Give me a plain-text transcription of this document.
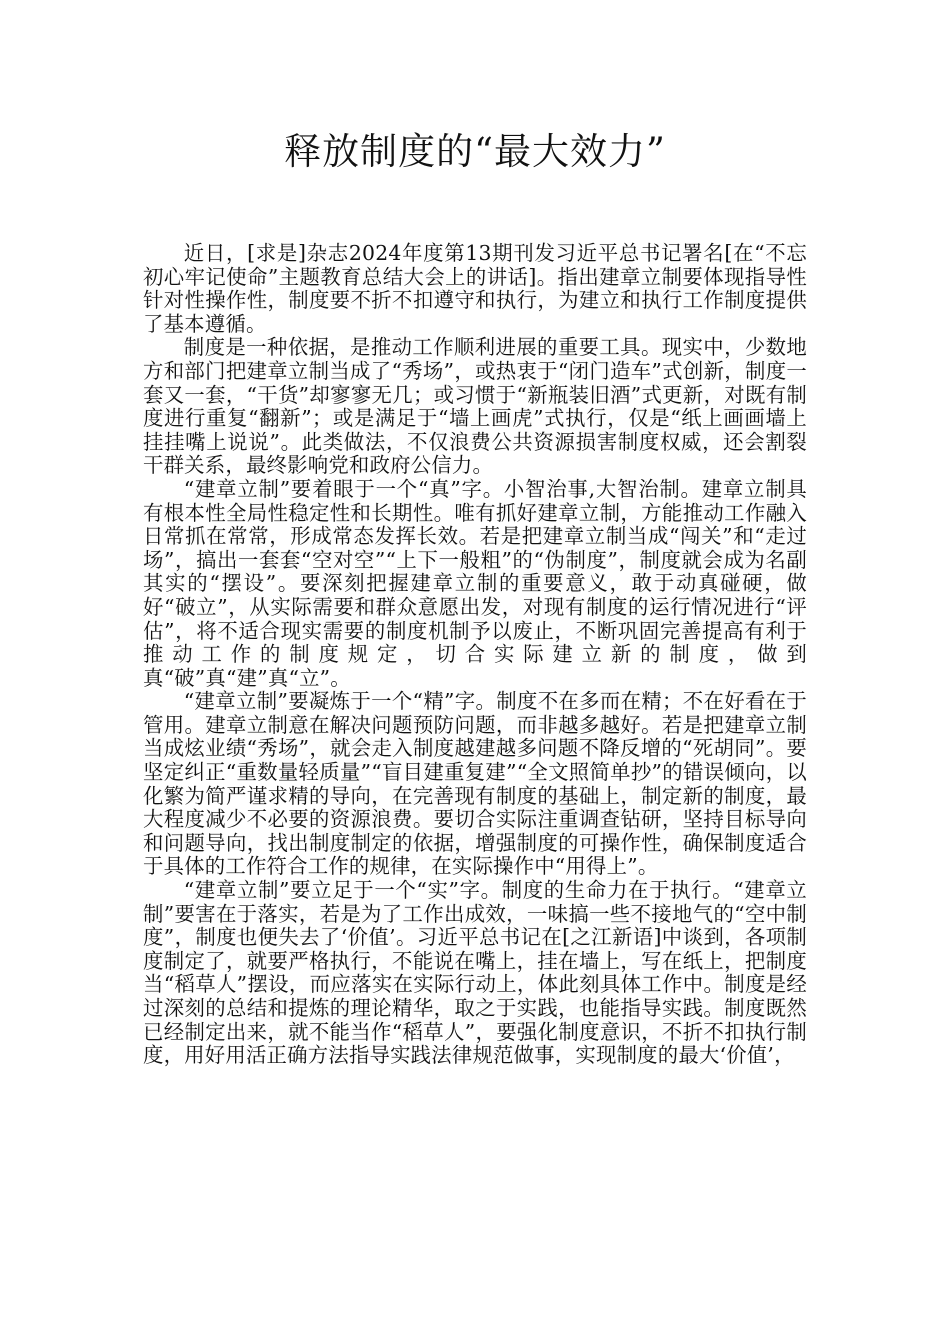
释放制度的“最大效力”

近日，[求是]杂志2024年度第13期刊发习近平总书记署名[在“不忘初心牢记使命”主题教育总结大会上的讲话]。指出建章立制要体现指导性针对性操作性，制度要不折不扣遵守和执行，为建立和执行工作制度提供了基本遵循。

制度是一种依据，是推动工作顺利进展的重要工具。现实中，少数地方和部门把建章立制当成了“秀场”，或热衷于“闭门造车”式创新，制度一套又一套，“干货”却寥寥无几；或习惯于“新瓶装旧酒”式更新，对既有制度进行重复“翻新”；或是满足于“墙上画虎”式执行，仅是“纸上画画墙上挂挂嘴上说说”。此类做法，不仅浪费公共资源损害制度权威，还会割裂干群关系，最终影响党和政府公信力。

“建章立制”要着眼于一个“真”字。小智治事,大智治制。建章立制具有根本性全局性稳定性和长期性。唯有抓好建章立制，方能推动工作融入日常抓在常常，形成常态发挥长效。若是把建章立制当成“闯关”和“走过场”，搞出一套套“空对空”“上下一般粗”的“伪制度”，制度就会成为名副其实的“摆设”。要深刻把握建章立制的重要意义，敢于动真碰硬，做好“破立”，从实际需要和群众意愿出发，对现有制度的运行情况进行“评估”，将不适合现实需要的制度机制予以废止，不断巩固完善提高有利于推动工作的制度规定，切合实际建立新的制度，做到真“破”真“建”真“立”。

“建章立制”要凝炼于一个“精”字。制度不在多而在精；不在好看在于管用。建章立制意在解决问题预防问题，而非越多越好。若是把建章立制当成炫业绩“秀场”，就会走入制度越建越多问题不降反增的“死胡同”。要坚定纠正“重数量轻质量”“盲目建重复建”“全文照简单抄”的错误倾向，以化繁为简严谨求精的导向，在完善现有制度的基础上，制定新的制度，最大程度减少不必要的资源浪费。要切合实际注重调查钻研，坚持目标导向和问题导向，找出制度制定的依据，增强制度的可操作性，确保制度适合于具体的工作符合工作的规律，在实际操作中“用得上”。

“建章立制”要立足于一个“实”字。制度的生命力在于执行。“建章立制”要害在于落实，若是为了工作出成效，一味搞一些不接地气的“空中制度”，制度也便失去了‘价值’。习近平总书记在[之江新语]中谈到，各项制度制定了，就要严格执行，不能说在嘴上，挂在墙上，写在纸上，把制度当“稻草人”摆设，而应落实在实际行动上，体此刻具体工作中。制度是经过深刻的总结和提炼的理论精华，取之于实践，也能指导实践。制度既然已经制定出来，就不能当作“稻草人”，要强化制度意识，不折不扣执行制度，用好用活正确方法指导实践法律规范做事，实现制度的最大‘价值’，
